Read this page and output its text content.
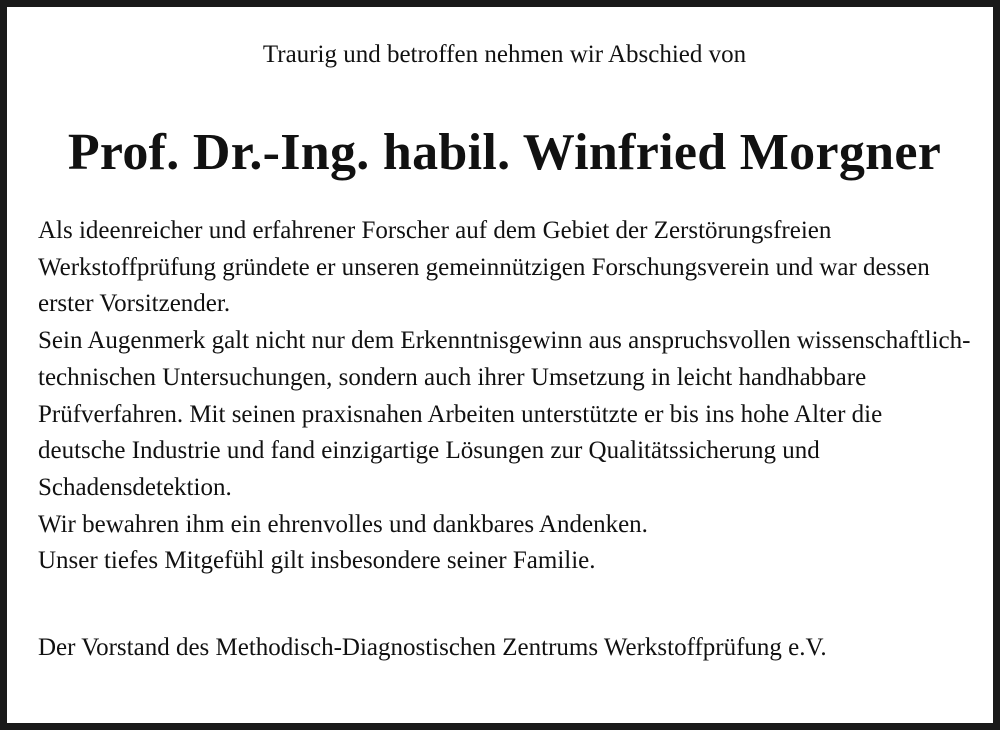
Traurig und betroffen nehmen wir Abschied von

Prof. Dr.-Ing. habil. Winfried Morgner

Als ideenreicher und erfahrener Forscher auf dem Gebiet der Zerstörungsfreien Werkstoffprüfung gründete er unseren gemeinnützigen Forschungsverein und war dessen erster Vorsitzender.

Sein Augenmerk galt nicht nur dem Erkenntnisgewinn aus anspruchsvollen wissenschaftlich-technischen Untersuchungen, sondern auch ihrer Umsetzung in leicht handhabbare Prüfverfahren. Mit seinen praxisnahen Arbeiten unterstützte er bis ins hohe Alter die deutsche Industrie und fand einzigartige Lösungen zur Qualitätssicherung und Schadensdetektion.

Wir bewahren ihm ein ehrenvolles und dankbares Andenken.

Unser tiefes Mitgefühl gilt insbesondere seiner Familie.

Der Vorstand des Methodisch-Diagnostischen Zentrums Werkstoffprüfung e.V.
